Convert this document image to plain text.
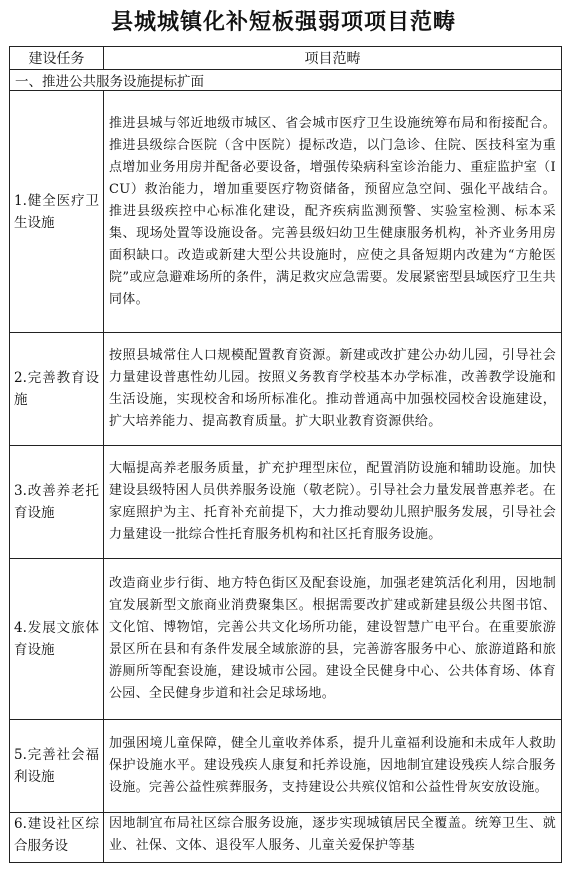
县城城镇化补短板强弱项项目范畴
建设任务	项目范畴
一、推进公共服务设施提标扩面	
1.健全医疗卫生设施	推进县城与邻近地级市城区、省会城市医疗卫生设施统筹布局和衔接配合。推进县级综合医院（含中医院）提标改造，以门急诊、住院、医技科室为重点增加业务用房并配备必要设备，增强传染病科室诊治能力、重症监护室（ICU）救治能力，增加重要医疗物资储备，预留应急空间、强化平战结合。推进县级疾控中心标准化建设，配齐疾病监测预警、实验室检测、标本采集、现场处置等设施设备。完善县级妇幼卫生健康服务机构，补齐业务用房面积缺口。改造或新建大型公共设施时，应使之具备短期内改建为“方舱医院”或应急避难场所的条件，满足救灾应急需要。发展紧密型县域医疗卫生共同体。
2.完善教育设施	按照县城常住人口规模配置教育资源。新建或改扩建公办幼儿园，引导社会力量建设普惠性幼儿园。按照义务教育学校基本办学标准，改善教学设施和生活设施，实现校舍和场所标准化。推动普通高中加强校园校舍设施建设，扩大培养能力、提高教育质量。扩大职业教育资源供给。
3.改善养老托育设施	大幅提高养老服务质量，扩充护理型床位，配置消防设施和辅助设施。加快建设县级特困人员供养服务设施（敬老院）。引导社会力量发展普惠养老。在家庭照护为主、托育补充前提下，大力推动婴幼儿照护服务发展，引导社会力量建设一批综合性托育服务机构和社区托育服务设施。
4.发展文旅体育设施	改造商业步行街、地方特色街区及配套设施，加强老建筑活化利用，因地制宜发展新型文旅商业消费聚集区。根据需要改扩建或新建县级公共图书馆、文化馆、博物馆，完善公共文化场所功能，建设智慧广电平台。在重要旅游景区所在县和有条件发展全域旅游的县，完善游客服务中心、旅游道路和旅游厕所等配套设施，建设城市公园。建设全民健身中心、公共体育场、体育公园、全民健身步道和社会足球场地。
5.完善社会福利设施	加强困境儿童保障，健全儿童收养体系，提升儿童福利设施和未成年人救助保护设施水平。建设残疾人康复和托养设施，因地制宜建设残疾人综合服务设施。完善公益性殡葬服务，支持建设公共殡仪馆和公益性骨灰安放设施。
6.建设社区综合服务设	因地制宜布局社区综合服务设施，逐步实现城镇居民全覆盖。统筹卫生、就业、社保、文体、退役军人服务、儿童关爱保护等基
